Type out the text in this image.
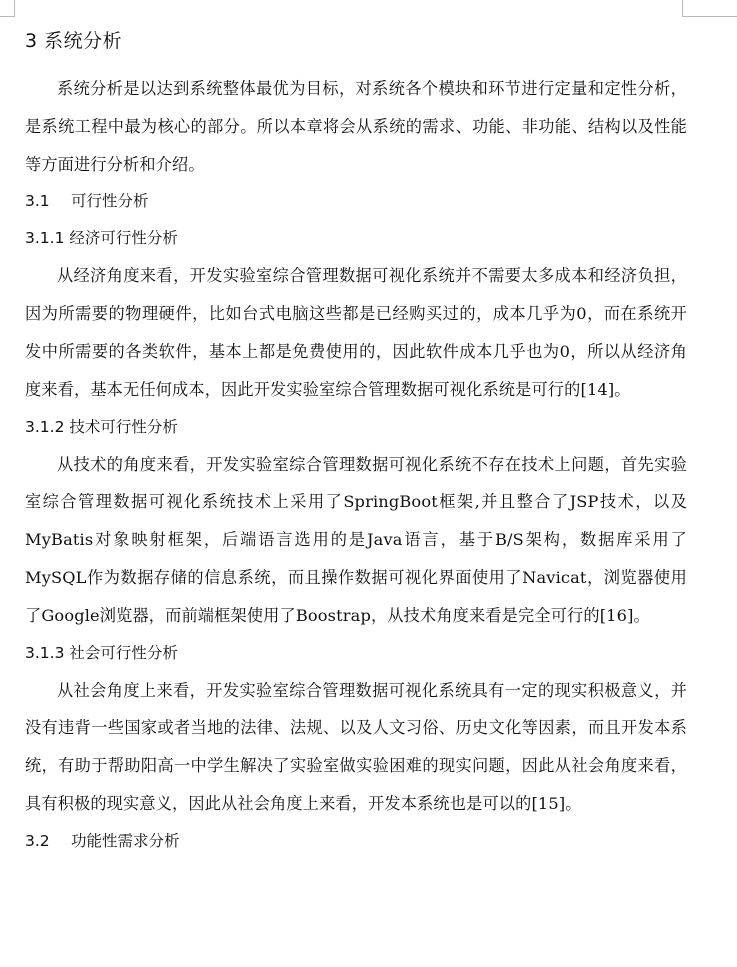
3 系统分析

系统分析是以达到系统整体最优为目标，对系统各个模块和环节进行定量和定性分析，是系统工程中最为核心的部分。所以本章将会从系统的需求、功能、非功能、结构以及性能等方面进行分析和介绍。

3.1 可行性分析
3.1.1 经济可行性分析

从经济角度来看，开发实验室综合管理数据可视化系统并不需要太多成本和经济负担，因为所需要的物理硬件，比如台式电脑这些都是已经购买过的，成本几乎为0，而在系统开发中所需要的各类软件，基本上都是免费使用的，因此软件成本几乎也为0，所以从经济角度来看，基本无任何成本，因此开发实验室综合管理数据可视化系统是可行的[14]。

3.1.2 技术可行性分析

从技术的角度来看，开发实验室综合管理数据可视化系统不存在技术上问题，首先实验室综合管理数据可视化系统技术上采用了SpringBoot框架,并且整合了JSP技术，以及MyBatis对象映射框架，后端语言选用的是Java语言，基于B/S架构，数据库采用了MySQL作为数据存储的信息系统，而且操作数据可视化界面使用了Navicat，浏览器使用了Google浏览器，而前端框架使用了Boostrap，从技术角度来看是完全可行的[16]。

3.1.3 社会可行性分析

从社会角度上来看，开发实验室综合管理数据可视化系统具有一定的现实积极意义，并没有违背一些国家或者当地的法律、法规、以及人文习俗、历史文化等因素，而且开发本系统，有助于帮助阳高一中学生解决了实验室做实验困难的现实问题，因此从社会角度来看，具有积极的现实意义，因此从社会角度上来看，开发本系统也是可以的[15]。

3.2 功能性需求分析
